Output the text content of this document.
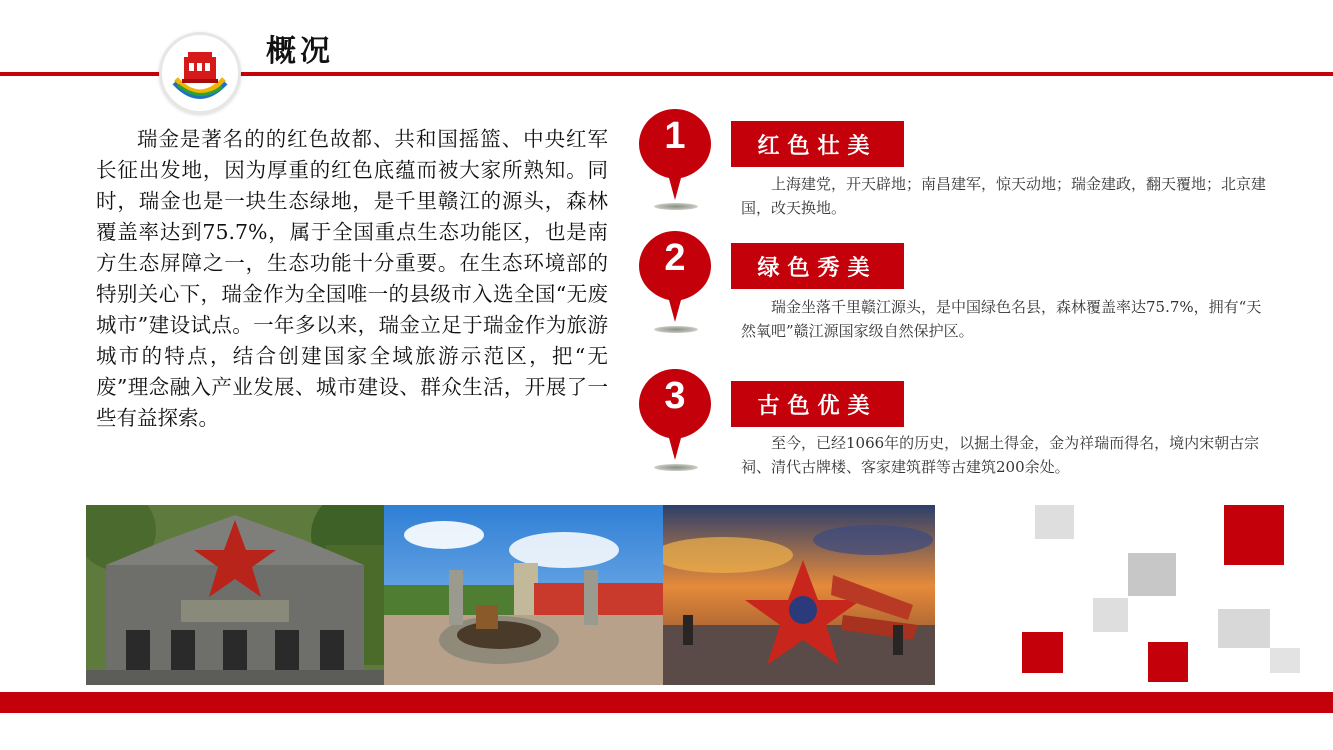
概况

瑞金是著名的的红色故都、共和国摇篮、中央红军长征出发地，因为厚重的红色底蕴而被大家所熟知。同时，瑞金也是一块生态绿地，是千里赣江的源头，森林覆盖率达到75.7%，属于全国重点生态功能区，也是南方生态屏障之一，生态功能十分重要。在生态环境部的特别关心下，瑞金作为全国唯一的县级市入选全国“无废城市”建设试点。一年多以来，瑞金立足于瑞金作为旅游城市的特点，结合创建国家全域旅游示范区，把“无废”理念融入产业发展、城市建设、群众生活，开展了一些有益探索。

1	红色壮美

上海建党，开天辟地；南昌建军，惊天动地；瑞金建政，翻天覆地；北京建国，改天换地。

2	绿色秀美

瑞金坐落千里赣江源头，是中国绿色名县，森林覆盖率达75.7%，拥有“天然氧吧”赣江源国家级自然保护区。

3	古色优美

至今，已经1066年的历史，以掘土得金，金为祥瑞而得名，境内宋朝古宗祠、清代古牌楼、客家建筑群等古建筑200余处。
